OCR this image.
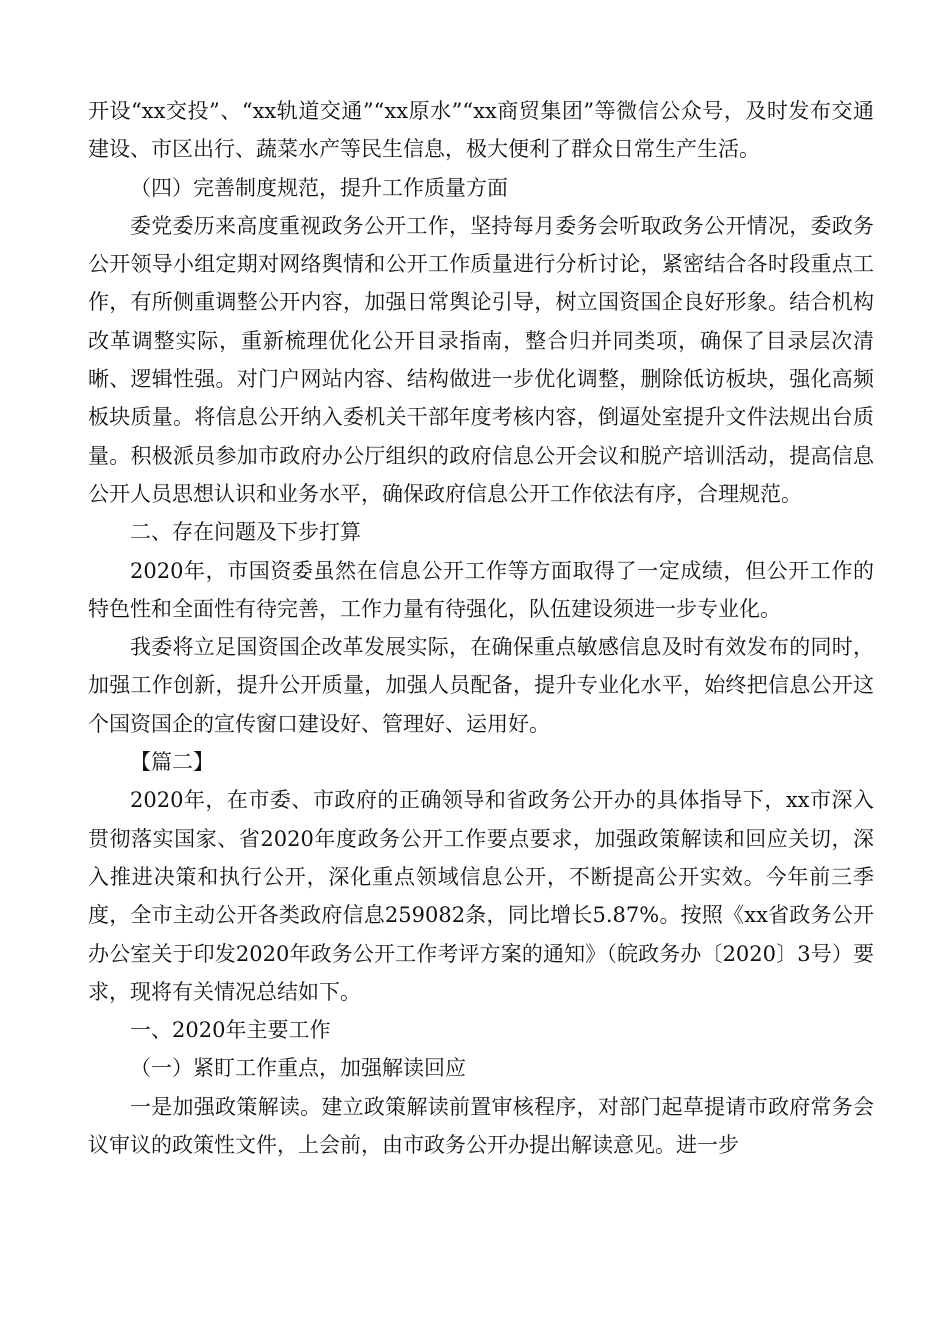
开设“xx交投”、“xx轨道交通”“xx原水”“xx商贸集团”等微信公众号，及时发布交通建设、市区出行、蔬菜水产等民生信息，极大便利了群众日常生产生活。

（四）完善制度规范，提升工作质量方面

委党委历来高度重视政务公开工作，坚持每月委务会听取政务公开情况，委政务公开领导小组定期对网络舆情和公开工作质量进行分析讨论，紧密结合各时段重点工作，有所侧重调整公开内容，加强日常舆论引导，树立国资国企良好形象。结合机构改革调整实际，重新梳理优化公开目录指南，整合归并同类项，确保了目录层次清晰、逻辑性强。对门户网站内容、结构做进一步优化调整，删除低访板块，强化高频板块质量。将信息公开纳入委机关干部年度考核内容，倒逼处室提升文件法规出台质量。积极派员参加市政府办公厅组织的政府信息公开会议和脱产培训活动，提高信息公开人员思想认识和业务水平，确保政府信息公开工作依法有序，合理规范。

二、存在问题及下步打算

2020年，市国资委虽然在信息公开工作等方面取得了一定成绩，但公开工作的特色性和全面性有待完善，工作力量有待强化，队伍建设须进一步专业化。

我委将立足国资国企改革发展实际，在确保重点敏感信息及时有效发布的同时，加强工作创新，提升公开质量，加强人员配备，提升专业化水平，始终把信息公开这个国资国企的宣传窗口建设好、管理好、运用好。

【篇二】

2020年，在市委、市政府的正确领导和省政务公开办的具体指导下，xx市深入贯彻落实国家、省2020年度政务公开工作要点要求，加强政策解读和回应关切，深入推进决策和执行公开，深化重点领域信息公开，不断提高公开实效。今年前三季度，全市主动公开各类政府信息259082条，同比增长5.87%。按照《xx省政务公开办公室关于印发2020年政务公开工作考评方案的通知》（皖政务办〔2020〕3号）要求，现将有关情况总结如下。

一、2020年主要工作

（一）紧盯工作重点，加强解读回应

一是加强政策解读。建立政策解读前置审核程序，对部门起草提请市政府常务会议审议的政策性文件，上会前，由市政务公开办提出解读意见。进一步
